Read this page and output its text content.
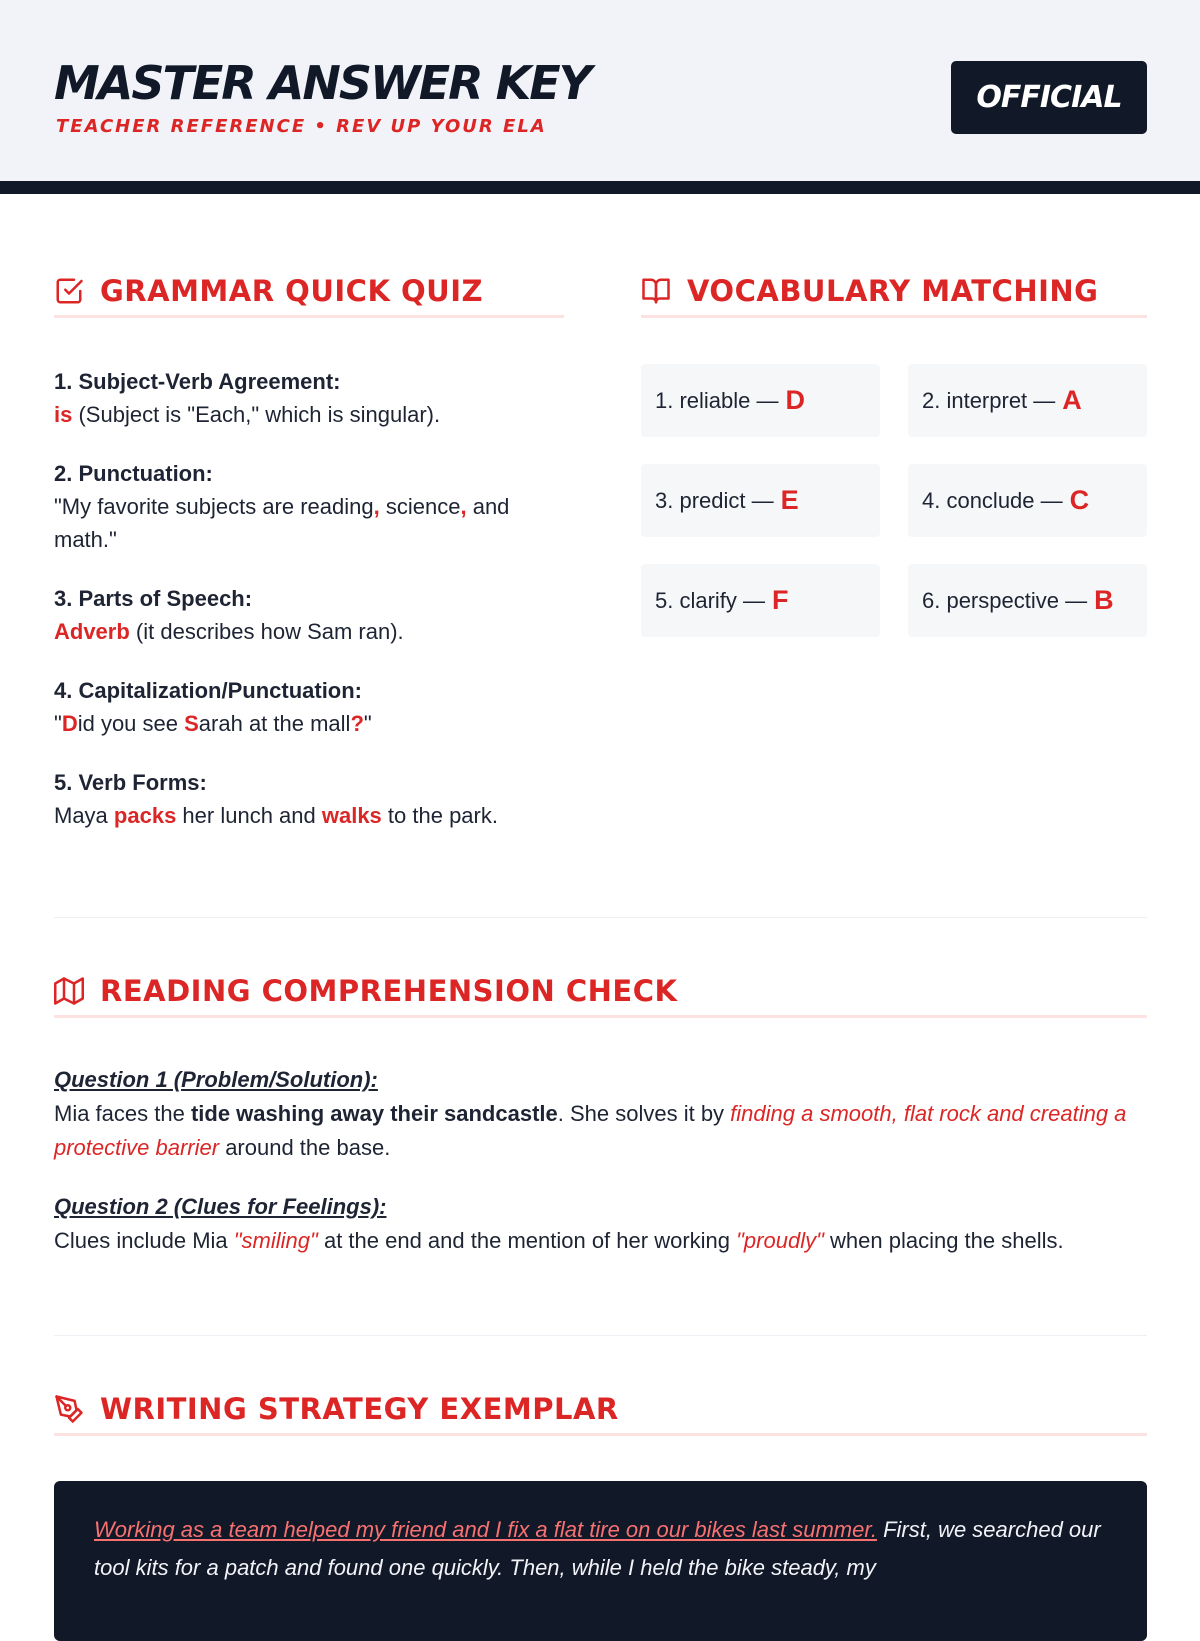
MASTER ANSWER KEY
TEACHER REFERENCE • REV UP YOUR ELA
OFFICIAL
GRAMMAR QUICK QUIZ
1. Subject-Verb Agreement:
is (Subject is "Each," which is singular).
2. Punctuation:
"My favorite subjects are reading, science, and math."
3. Parts of Speech:
Adverb (it describes how Sam ran).
4. Capitalization/Punctuation:
"Did you see Sarah at the mall?"
5. Verb Forms:
Maya packs her lunch and walks to the park.
VOCABULARY MATCHING
1. reliable — D	2. interpret — A
3. predict — E	4. conclude — C
5. clarify — F	6. perspective — B
READING COMPREHENSION CHECK
Question 1 (Problem/Solution):
Mia faces the tide washing away their sandcastle. She solves it by finding a smooth, flat rock and creating a protective barrier around the base.
Question 2 (Clues for Feelings):
Clues include Mia "smiling" at the end and the mention of her working "proudly" when placing the shells.
WRITING STRATEGY EXEMPLAR
Working as a team helped my friend and I fix a flat tire on our bikes last summer. First, we searched our tool kits for a patch and found one quickly. Then, while I held the bike steady, my
